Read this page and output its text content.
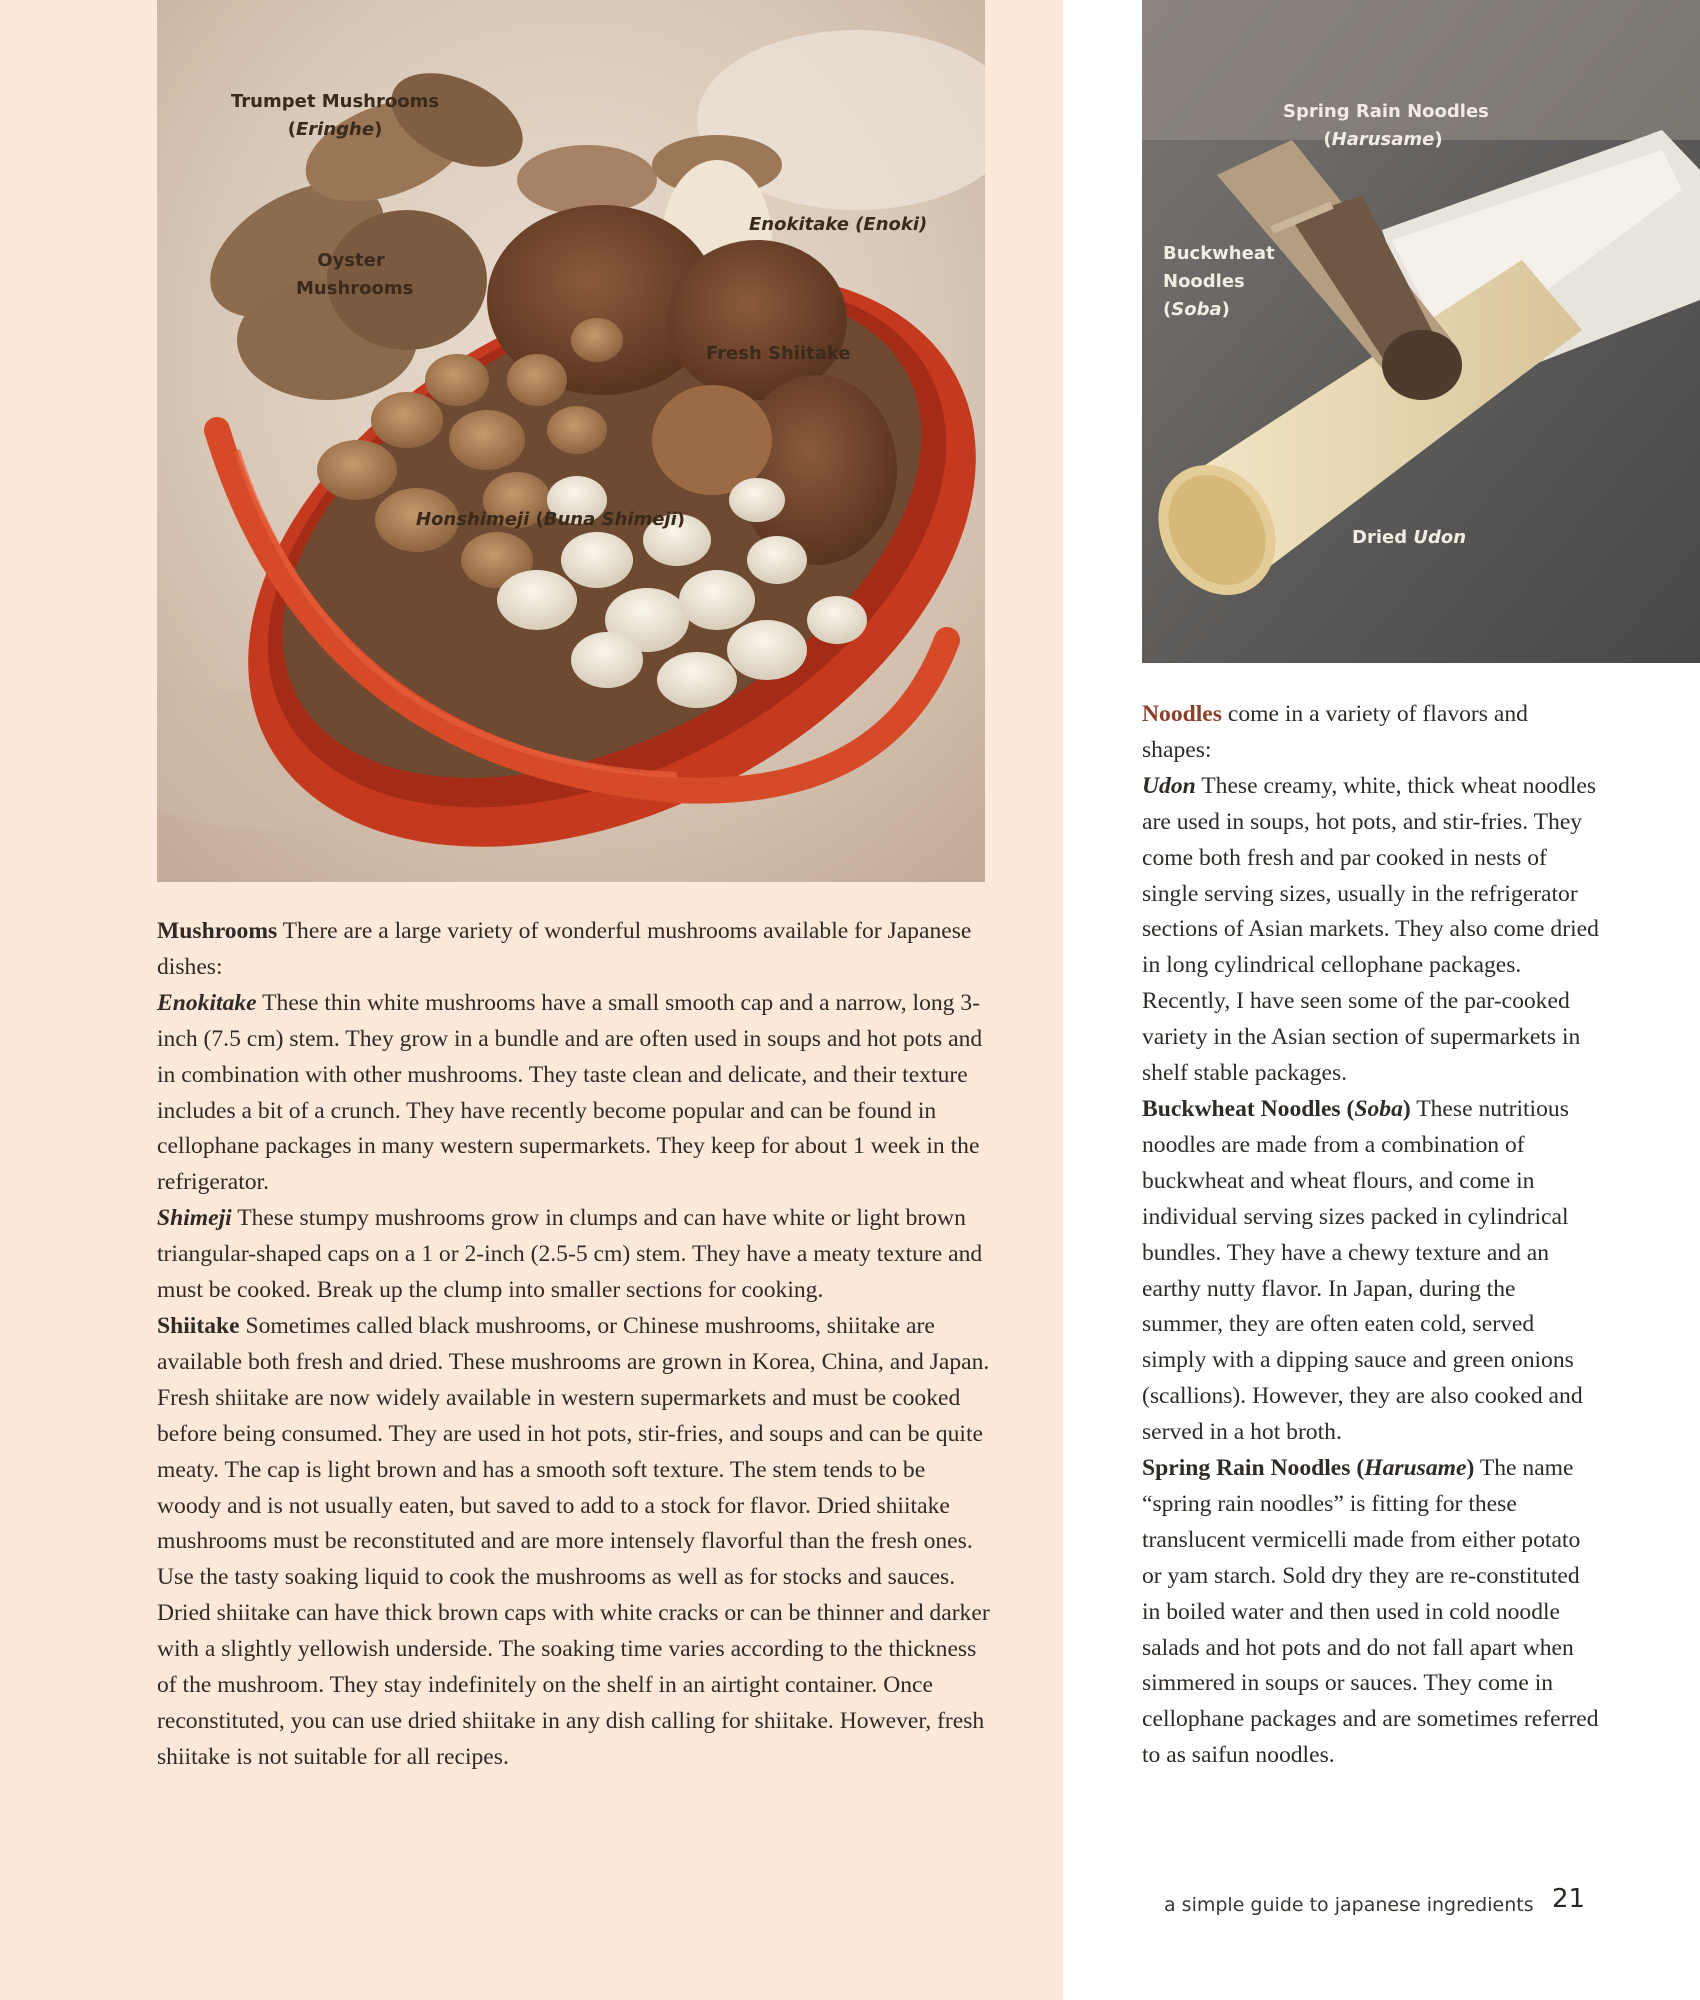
Trumpet Mushrooms
(Eringhe)
Enokitake (Enoki)
Oyster
Mushrooms
Fresh Shiitake
Honshimeji (Buna Shimeji)
Spring Rain Noodles
(Harusame)
Buckwheat
Noodles
(Soba)
Dried Udon

Mushrooms There are a large variety of wonderful mushrooms available for Japanese dishes:

Enokitake These thin white mushrooms have a small smooth cap and a narrow, long 3-inch (7.5 cm) stem. They grow in a bundle and are often used in soups and hot pots and in combination with other mushrooms. They taste clean and delicate, and their texture includes a bit of a crunch. They have recently become popular and can be found in cellophane packages in many western supermarkets. They keep for about 1 week in the refrigerator.

Shimeji These stumpy mushrooms grow in clumps and can have white or light brown triangular-shaped caps on a 1 or 2-inch (2.5-5 cm) stem. They have a meaty texture and must be cooked. Break up the clump into smaller sections for cooking.

Shiitake Sometimes called black mushrooms, or Chinese mushrooms, shiitake are available both fresh and dried. These mushrooms are grown in Korea, China, and Japan. Fresh shiitake are now widely available in western supermarkets and must be cooked before being consumed. They are used in hot pots, stir-fries, and soups and can be quite meaty. The cap is light brown and has a smooth soft texture. The stem tends to be woody and is not usually eaten, but saved to add to a stock for flavor. Dried shiitake mushrooms must be reconstituted and are more intensely flavorful than the fresh ones. Use the tasty soaking liquid to cook the mushrooms as well as for stocks and sauces. Dried shiitake can have thick brown caps with white cracks or can be thinner and darker with a slightly yellowish underside. The soaking time varies according to the thickness of the mushroom. They stay indefinitely on the shelf in an airtight container. Once reconstituted, you can use dried shiitake in any dish calling for shiitake. However, fresh shiitake is not suitable for all recipes.

Noodles come in a variety of flavors and shapes:

Udon These creamy, white, thick wheat noodles are used in soups, hot pots, and stir-fries. They come both fresh and par cooked in nests of single serving sizes, usually in the refrigerator sections of Asian markets. They also come dried in long cylindrical cellophane packages. Recently, I have seen some of the par-cooked variety in the Asian section of supermarkets in shelf stable packages.

Buckwheat Noodles (Soba) These nutritious noodles are made from a combination of buckwheat and wheat flours, and come in individual serving sizes packed in cylindrical bundles. They have a chewy texture and an earthy nutty flavor. In Japan, during the summer, they are often eaten cold, served simply with a dipping sauce and green onions (scallions). However, they are also cooked and served in a hot broth.

Spring Rain Noodles (Harusame) The name “spring rain noodles” is fitting for these translucent vermicelli made from either potato or yam starch. Sold dry they are re-constituted in boiled water and then used in cold noodle salads and hot pots and do not fall apart when simmered in soups or sauces. They come in cellophane packages and are sometimes referred to as saifun noodles.

a simple guide to japanese ingredients 21
